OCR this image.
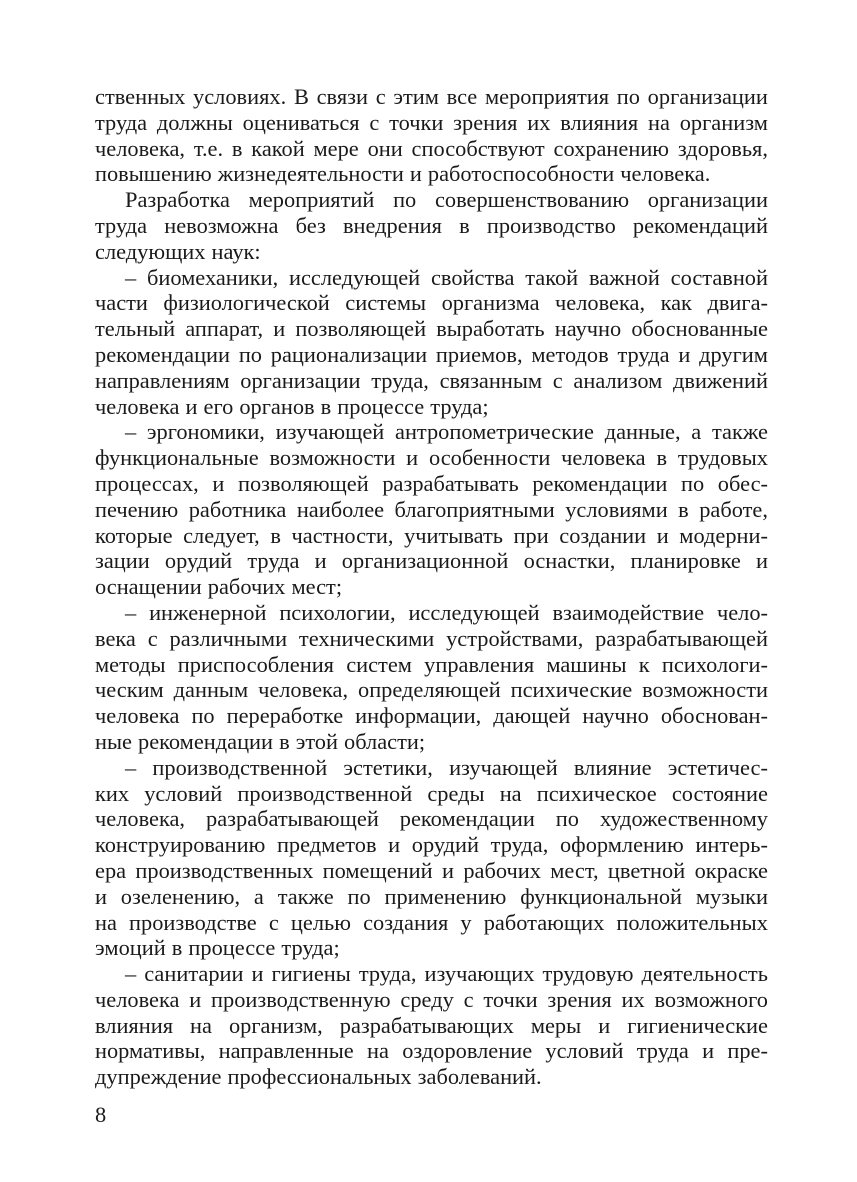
ственных условиях. В связи с этим все мероприятия по организации
труда должны оцениваться с точки зрения их влияния на организм
человека, т.е. в какой мере они способствуют сохранению здоровья,
повышению жизнедеятельности и работоспособности человека.
Разработка мероприятий по совершенствованию организации
труда невозможна без внедрения в производство рекомендаций
следующих наук:
– биомеханики, исследующей свойства такой важной составной
части физиологической системы организма человека, как двига-
тельный аппарат, и позволяющей выработать научно обоснованные
рекомендации по рационализации приемов, методов труда и другим
направлениям организации труда, связанным с анализом движений
человека и его органов в процессе труда;
– эргономики, изучающей антропометрические данные, а также
функциональные возможности и особенности человека в трудовых
процессах, и позволяющей разрабатывать рекомендации по обес-
печению работника наиболее благоприятными условиями в работе,
которые следует, в частности, учитывать при создании и модерни-
зации орудий труда и организационной оснастки, планировке и
оснащении рабочих мест;
– инженерной психологии, исследующей взаимодействие чело-
века с различными техническими устройствами, разрабатывающей
методы приспособления систем управления машины к психологи-
ческим данным человека, определяющей психические возможности
человека по переработке информации, дающей научно обоснован-
ные рекомендации в этой области;
– производственной эстетики, изучающей влияние эстетичес-
ких условий производственной среды на психическое состояние
человека, разрабатывающей рекомендации по художественному
конструированию предметов и орудий труда, оформлению интерь-
ера производственных помещений и рабочих мест, цветной окраске
и озеленению, а также по применению функциональной музыки
на производстве с целью создания у работающих положительных
эмоций в процессе труда;
– санитарии и гигиены труда, изучающих трудовую деятельность
человека и производственную среду с точки зрения их возможного
влияния на организм, разрабатывающих меры и гигиенические
нормативы, направленные на оздоровление условий труда и пре-
дупреждение профессиональных заболеваний.
8
